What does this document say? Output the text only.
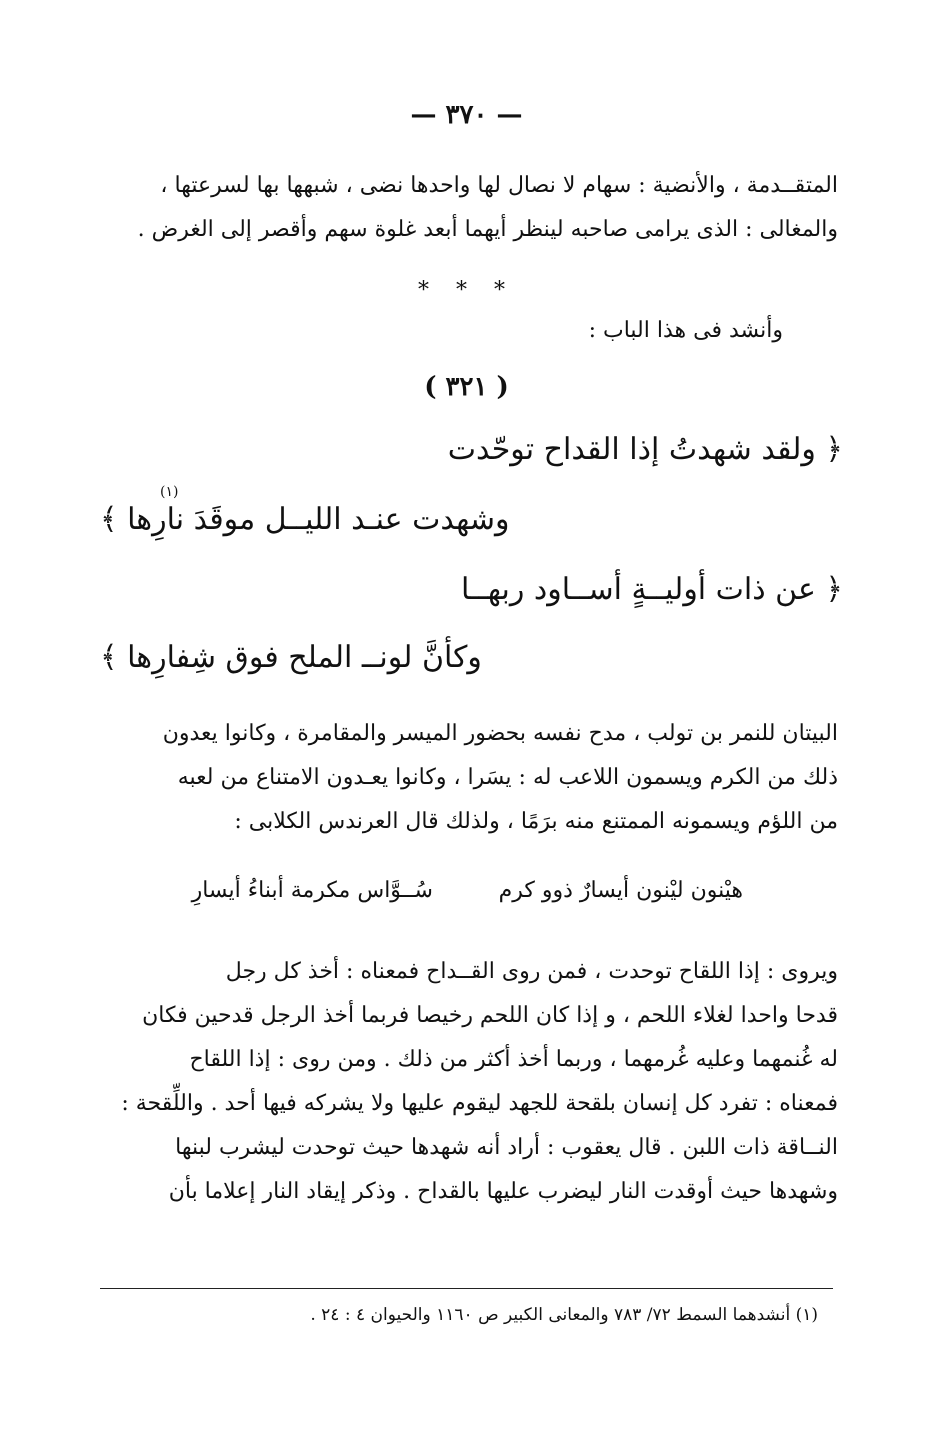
— ٣٧٠ —
المتقــدمة ، والأنضية : سهام لا نصال لها واحدها نضى ، شبهها بها لسرعتها ،
والمغالى : الذى يرامى صاحبه لينظر أيهما أبعد غلوة سهم وأقصر إلى الغرض .
* * *
وأنشد فى هذا الباب :
( ٣٢١ )
﴿ ولقد شهدتُ إذا القداح توحّدت
وشهدت عنـد الليــل موقَدَ نارِها ﴾
(١)
﴿ عن ذات أوليــةٍ أســاود ربهــا
وكأنَّ لونــ الملح فوق شِفارِها ﴾
البيتان للنمر بن تولب ، مدح نفسه بحضور الميسر والمقامرة ، وكانوا يعدون
ذلك من الكرم ويسمون اللاعب له : يسَرا ، وكانوا يعـدون الامتناع من لعبه
من اللؤم ويسمونه الممتنع منه برَمًا ، ولذلك قال العرندس الكلابى :
هيْنون ليْنون أيسارٌ ذوو كرم
سُــوَّاس مكرمة أبناءُ أيسارِ
ويروى : إذا اللقاح توحدت ، فمن روى القــداح فمعناه : أخذ كل رجل
قدحا واحدا لغلاء اللحم ، و إذا كان اللحم رخيصا فربما أخذ الرجل قدحين فكان
له غُنمهما وعليه غُرمهما ، وربما أخذ أكثر من ذلك . ومن روى : إذا اللقاح
فمعناه : تفرد كل إنسان بلقحة للجهد ليقوم عليها ولا يشركه فيها أحد . واللِّقحة :
النــاقة ذات اللبن . قال يعقوب : أراد أنه شهدها حيث توحدت ليشرب لبنها
وشهدها حيث أوقدت النار ليضرب عليها بالقداح . وذكر إيقاد النار إعلاما بأن
(١) أنشدهما السمط ٧٢/ ٧٨٣ والمعانى الكبير ص ١١٦٠ والحيوان ٤ : ٢٤ .
